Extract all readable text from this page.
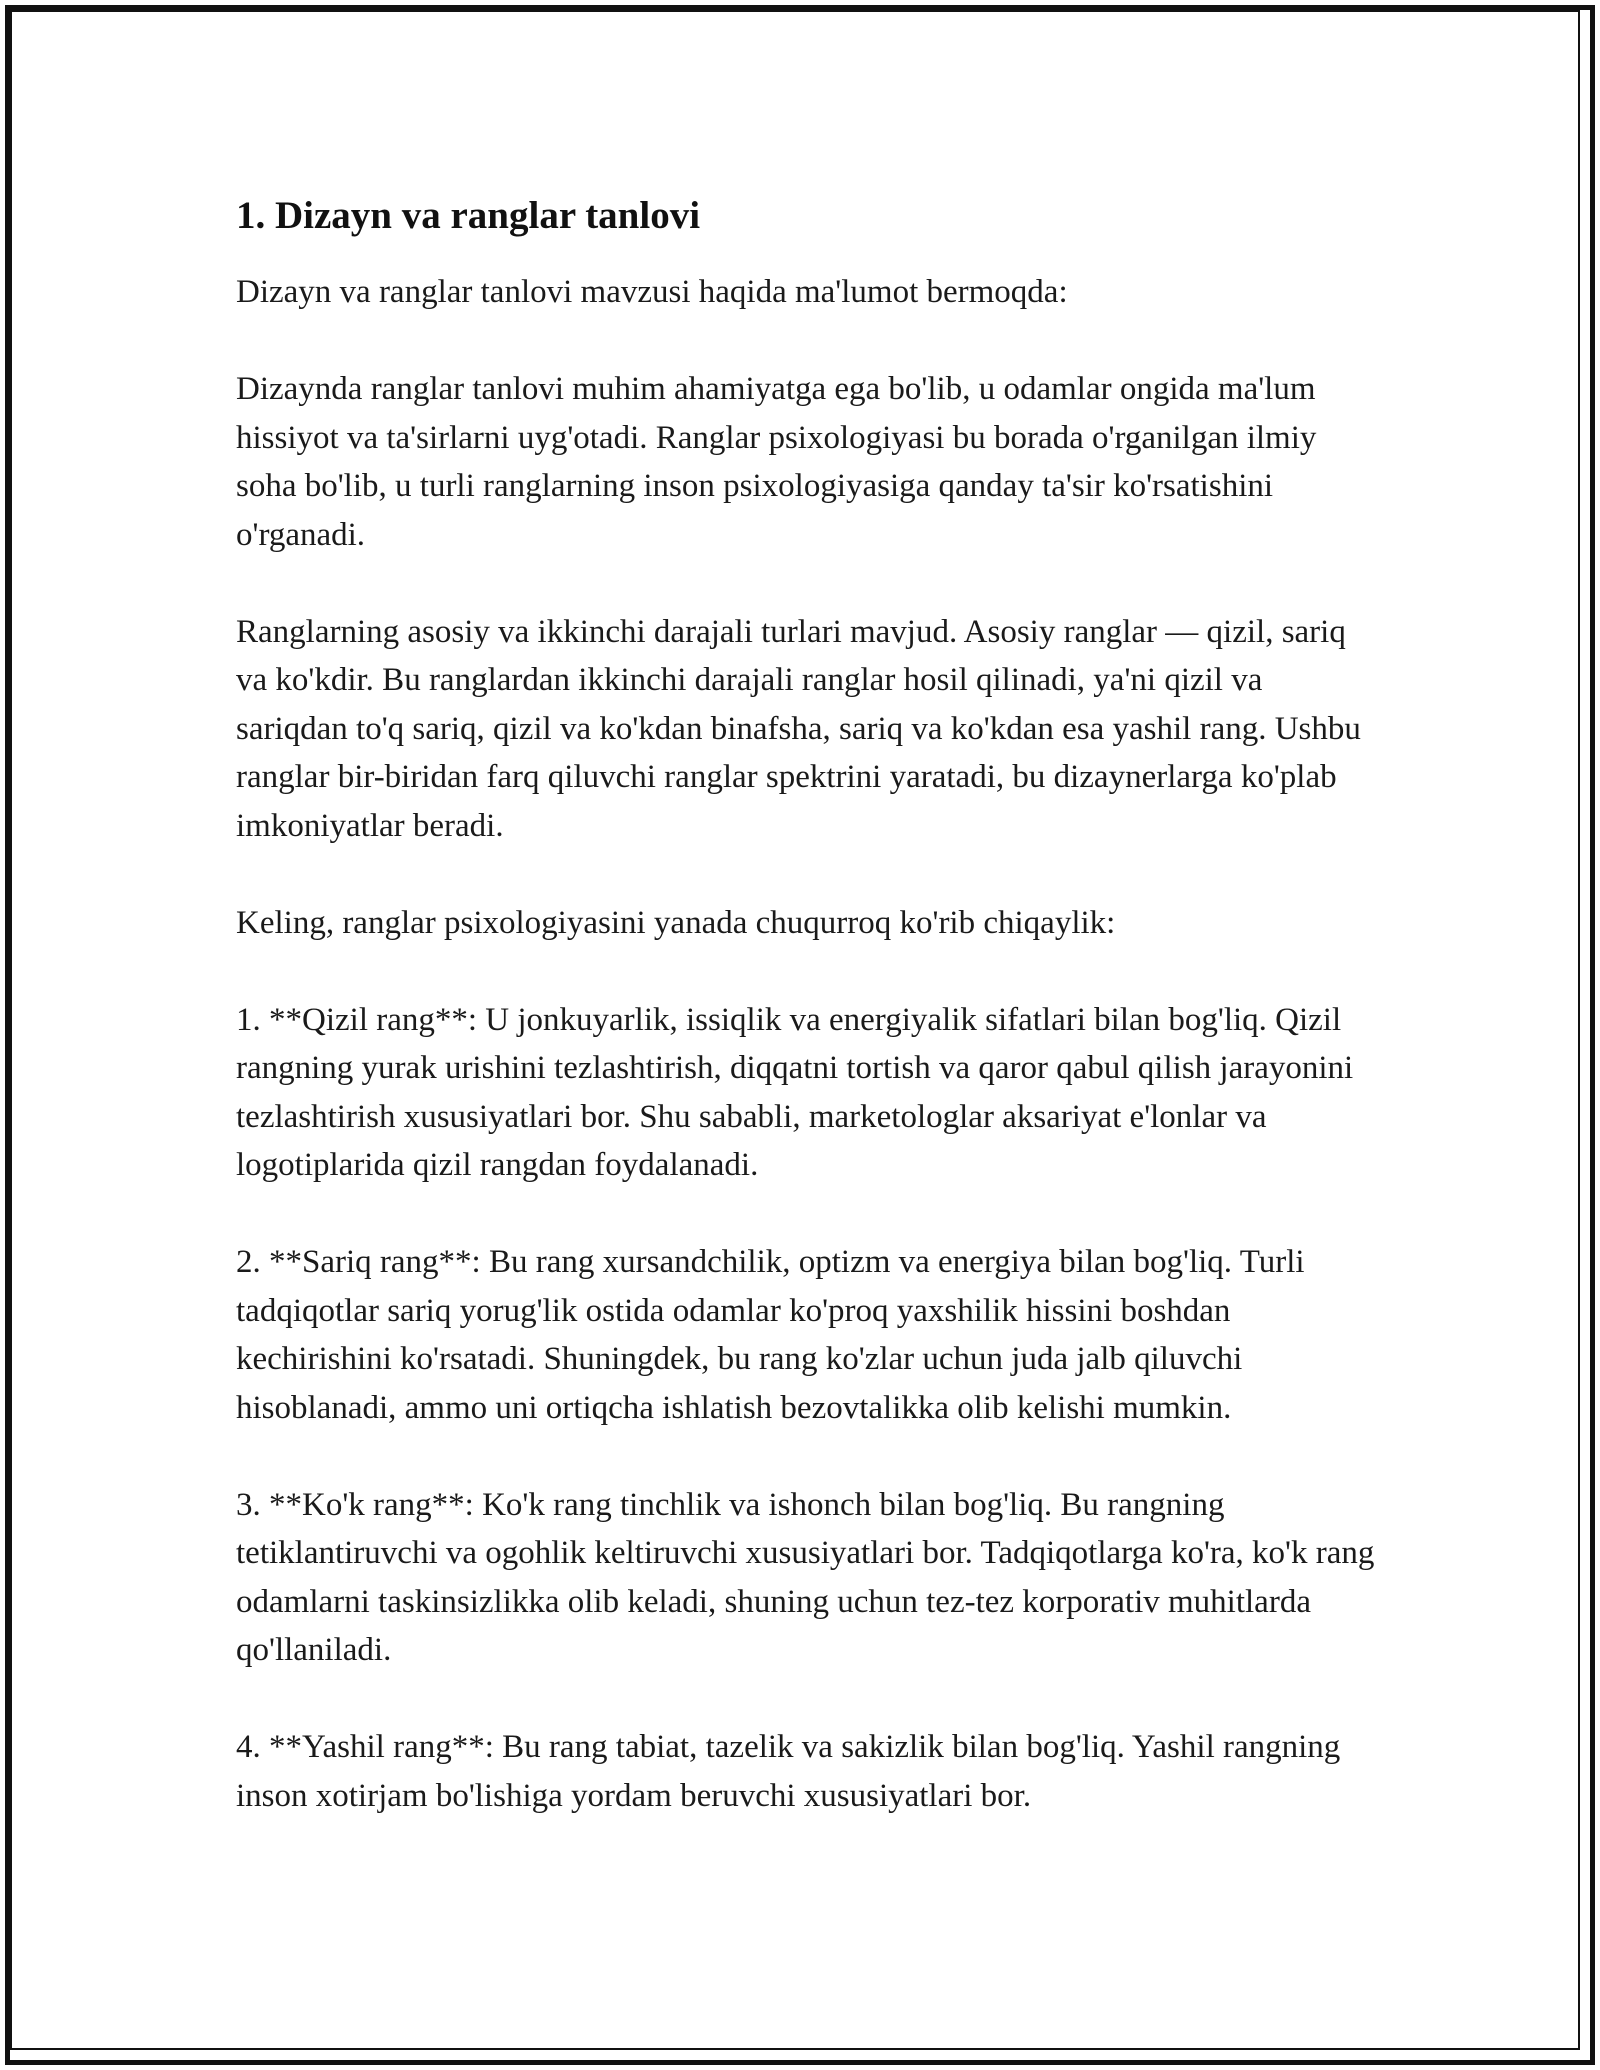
1. Dizayn va ranglar tanlovi

Dizayn va ranglar tanlovi mavzusi haqida ma'lumot bermoqda:

Dizaynda ranglar tanlovi muhim ahamiyatga ega bo'lib, u odamlar ongida ma'lum hissiyot va ta'sirlarni uyg'otadi. Ranglar psixologiyasi bu borada o'rganilgan ilmiy soha bo'lib, u turli ranglarning inson psixologiyasiga qanday ta'sir ko'rsatishini o'rganadi.

Ranglarning asosiy va ikkinchi darajali turlari mavjud. Asosiy ranglar — qizil, sariq va ko'kdir. Bu ranglardan ikkinchi darajali ranglar hosil qilinadi, ya'ni qizil va sariqdan to'q sariq, qizil va ko'kdan binafsha, sariq va ko'kdan esa yashil rang. Ushbu ranglar bir-biridan farq qiluvchi ranglar spektrini yaratadi, bu dizaynerlarga ko'plab imkoniyatlar beradi.

Keling, ranglar psixologiyasini yanada chuqurroq ko'rib chiqaylik:

1. **Qizil rang**: U jonkuyarlik, issiqlik va energiyalik sifatlari bilan bog'liq. Qizil rangning yurak urishini tezlashtirish, diqqatni tortish va qaror qabul qilish jarayonini tezlashtirish xususiyatlari bor. Shu sababli, marketologlar aksariyat e'lonlar va logotiplarida qizil rangdan foydalanadi.

2. **Sariq rang**: Bu rang xursandchilik, optizm va energiya bilan bog'liq. Turli tadqiqotlar sariq yorug'lik ostida odamlar ko'proq yaxshilik hissini boshdan kechirishini ko'rsatadi. Shuningdek, bu rang ko'zlar uchun juda jalb qiluvchi hisoblanadi, ammo uni ortiqcha ishlatish bezovtalikka olib kelishi mumkin.

3. **Ko'k rang**: Ko'k rang tinchlik va ishonch bilan bog'liq. Bu rangning tetiklantiruvchi va ogohlik keltiruvchi xususiyatlari bor. Tadqiqotlarga ko'ra, ko'k rang odamlarni taskinsizlikka olib keladi, shuning uchun tez-tez korporativ muhitlarda qo'llaniladi.

4. **Yashil rang**: Bu rang tabiat, tazelik va sakizlik bilan bog'liq. Yashil rangning inson xotirjam bo'lishiga yordam beruvchi xususiyatlari bor.
